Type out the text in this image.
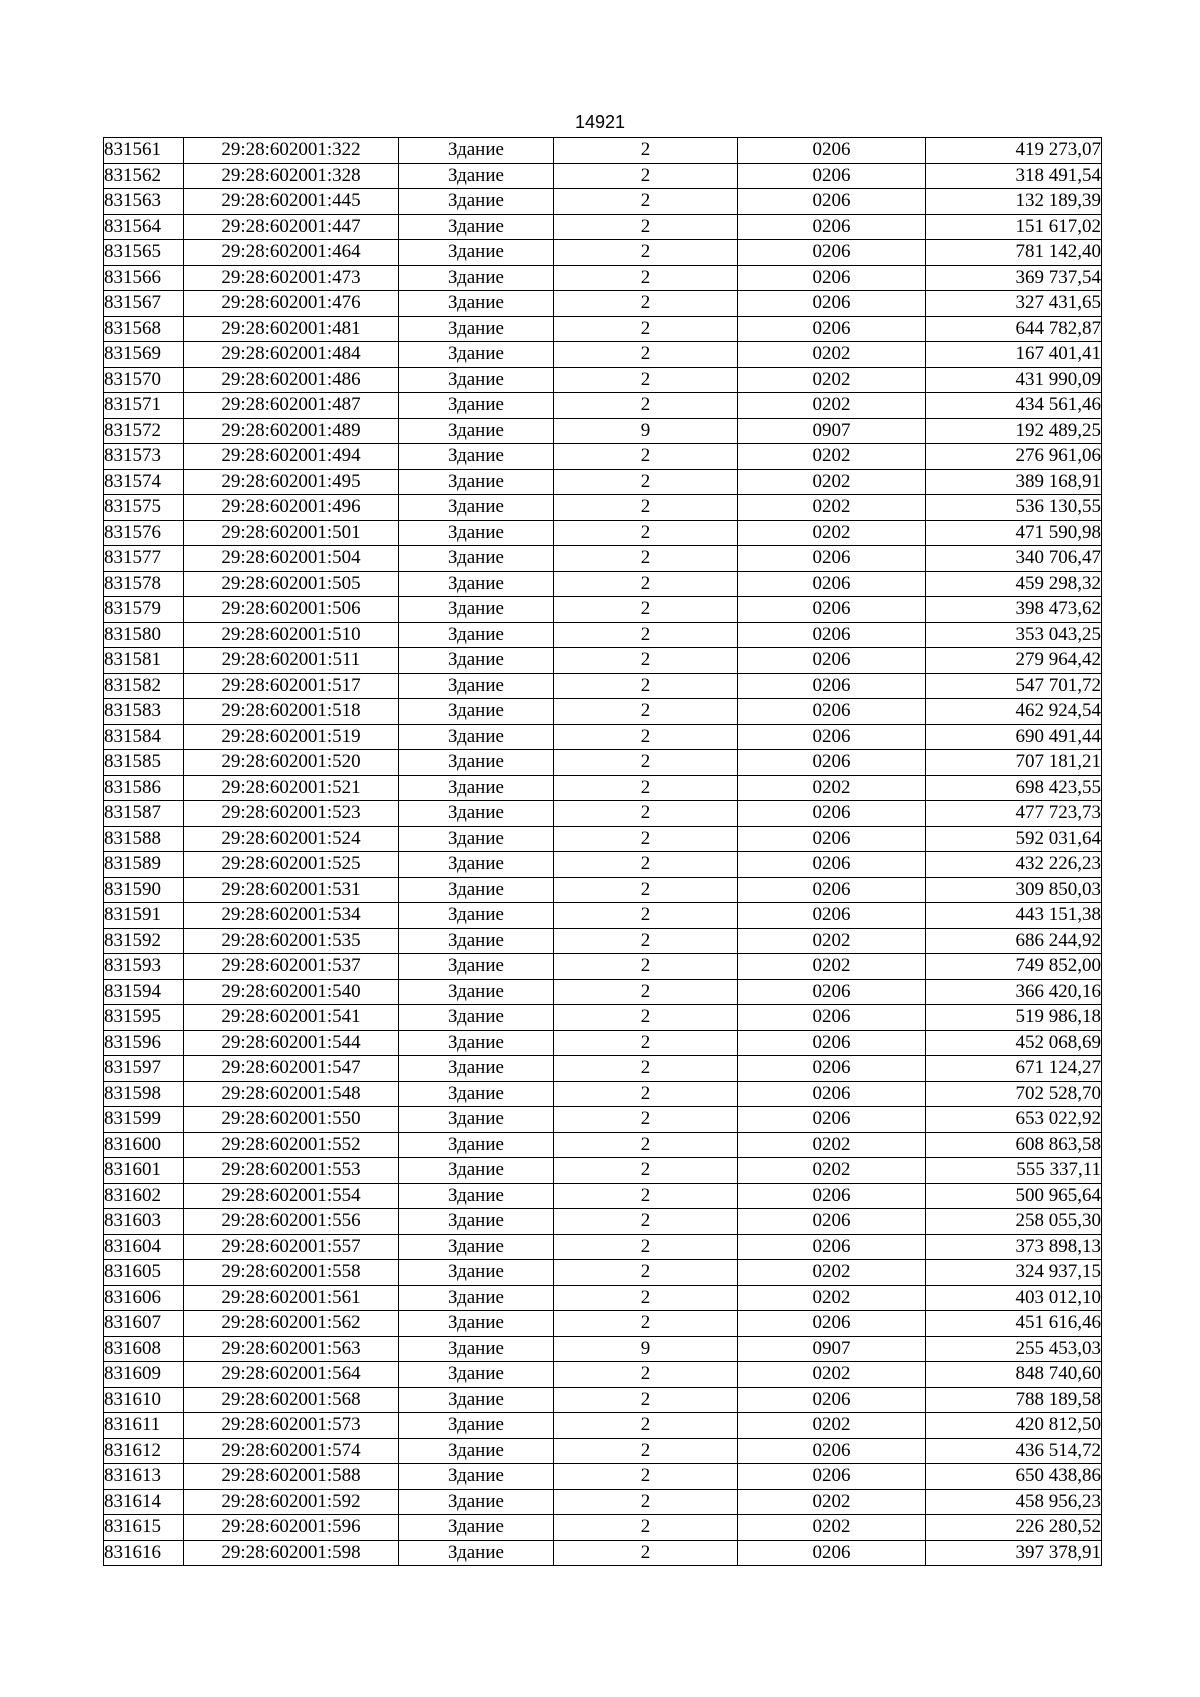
14921
831561	29:28:602001:322	Здание	2	0206	419 273,07
831562	29:28:602001:328	Здание	2	0206	318 491,54
831563	29:28:602001:445	Здание	2	0206	132 189,39
831564	29:28:602001:447	Здание	2	0206	151 617,02
831565	29:28:602001:464	Здание	2	0206	781 142,40
831566	29:28:602001:473	Здание	2	0206	369 737,54
831567	29:28:602001:476	Здание	2	0206	327 431,65
831568	29:28:602001:481	Здание	2	0206	644 782,87
831569	29:28:602001:484	Здание	2	0202	167 401,41
831570	29:28:602001:486	Здание	2	0202	431 990,09
831571	29:28:602001:487	Здание	2	0202	434 561,46
831572	29:28:602001:489	Здание	9	0907	192 489,25
831573	29:28:602001:494	Здание	2	0202	276 961,06
831574	29:28:602001:495	Здание	2	0202	389 168,91
831575	29:28:602001:496	Здание	2	0202	536 130,55
831576	29:28:602001:501	Здание	2	0202	471 590,98
831577	29:28:602001:504	Здание	2	0206	340 706,47
831578	29:28:602001:505	Здание	2	0206	459 298,32
831579	29:28:602001:506	Здание	2	0206	398 473,62
831580	29:28:602001:510	Здание	2	0206	353 043,25
831581	29:28:602001:511	Здание	2	0206	279 964,42
831582	29:28:602001:517	Здание	2	0206	547 701,72
831583	29:28:602001:518	Здание	2	0206	462 924,54
831584	29:28:602001:519	Здание	2	0206	690 491,44
831585	29:28:602001:520	Здание	2	0206	707 181,21
831586	29:28:602001:521	Здание	2	0202	698 423,55
831587	29:28:602001:523	Здание	2	0206	477 723,73
831588	29:28:602001:524	Здание	2	0206	592 031,64
831589	29:28:602001:525	Здание	2	0206	432 226,23
831590	29:28:602001:531	Здание	2	0206	309 850,03
831591	29:28:602001:534	Здание	2	0206	443 151,38
831592	29:28:602001:535	Здание	2	0202	686 244,92
831593	29:28:602001:537	Здание	2	0202	749 852,00
831594	29:28:602001:540	Здание	2	0206	366 420,16
831595	29:28:602001:541	Здание	2	0206	519 986,18
831596	29:28:602001:544	Здание	2	0206	452 068,69
831597	29:28:602001:547	Здание	2	0206	671 124,27
831598	29:28:602001:548	Здание	2	0206	702 528,70
831599	29:28:602001:550	Здание	2	0206	653 022,92
831600	29:28:602001:552	Здание	2	0202	608 863,58
831601	29:28:602001:553	Здание	2	0202	555 337,11
831602	29:28:602001:554	Здание	2	0206	500 965,64
831603	29:28:602001:556	Здание	2	0206	258 055,30
831604	29:28:602001:557	Здание	2	0206	373 898,13
831605	29:28:602001:558	Здание	2	0202	324 937,15
831606	29:28:602001:561	Здание	2	0202	403 012,10
831607	29:28:602001:562	Здание	2	0206	451 616,46
831608	29:28:602001:563	Здание	9	0907	255 453,03
831609	29:28:602001:564	Здание	2	0202	848 740,60
831610	29:28:602001:568	Здание	2	0206	788 189,58
831611	29:28:602001:573	Здание	2	0202	420 812,50
831612	29:28:602001:574	Здание	2	0206	436 514,72
831613	29:28:602001:588	Здание	2	0206	650 438,86
831614	29:28:602001:592	Здание	2	0202	458 956,23
831615	29:28:602001:596	Здание	2	0202	226 280,52
831616	29:28:602001:598	Здание	2	0206	397 378,91
